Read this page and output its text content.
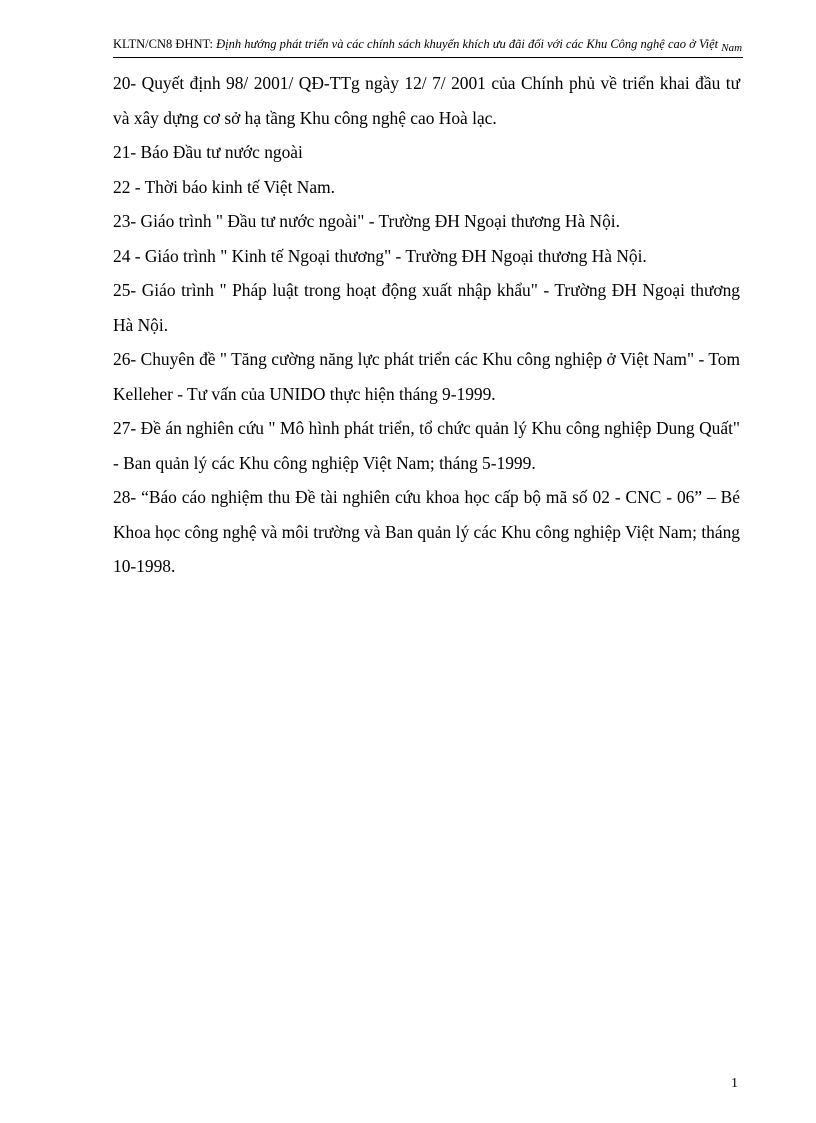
KLTN/CN8 ĐHNT: Định hướng phát triển và các chính sách khuyến khích ưu đãi đối với các Khu Công nghệ cao ở Việt Nam

20- Quyết định 98/ 2001/ QĐ-TTg ngày 12/ 7/ 2001 của Chính phủ về triển khai đầu tư và xây dựng cơ sở hạ tầng Khu công nghệ cao Hoà lạc.

21- Báo Đầu tư nước ngoài

22 - Thời báo kinh tế Việt Nam.

23- Giáo trình " Đầu tư nước ngoài" - Trường ĐH Ngoại thương Hà Nội.

24 - Giáo trình " Kinh tế Ngoại thương" - Trường ĐH Ngoại thương Hà Nội.

25- Giáo trình " Pháp luật trong hoạt động xuất nhập khẩu" - Trường ĐH Ngoại thương Hà Nội.

26- Chuyên đề " Tăng cường năng lực phát triển các Khu công nghiệp ở Việt Nam" - Tom Kelleher - Tư vấn của UNIDO thực hiện tháng 9-1999.

27- Đề án nghiên cứu " Mô hình phát triển, tổ chức quản lý Khu công nghiệp Dung Quất" - Ban quản lý các Khu công nghiệp Việt Nam; tháng 5-1999.

28- “Báo cáo nghiệm thu Đề tài nghiên cứu khoa học cấp bộ mã số 02 - CNC - 06” – Bé Khoa học công nghệ và môi trường và Ban quản lý các Khu công nghiệp Việt Nam; tháng 10-1998.

1
